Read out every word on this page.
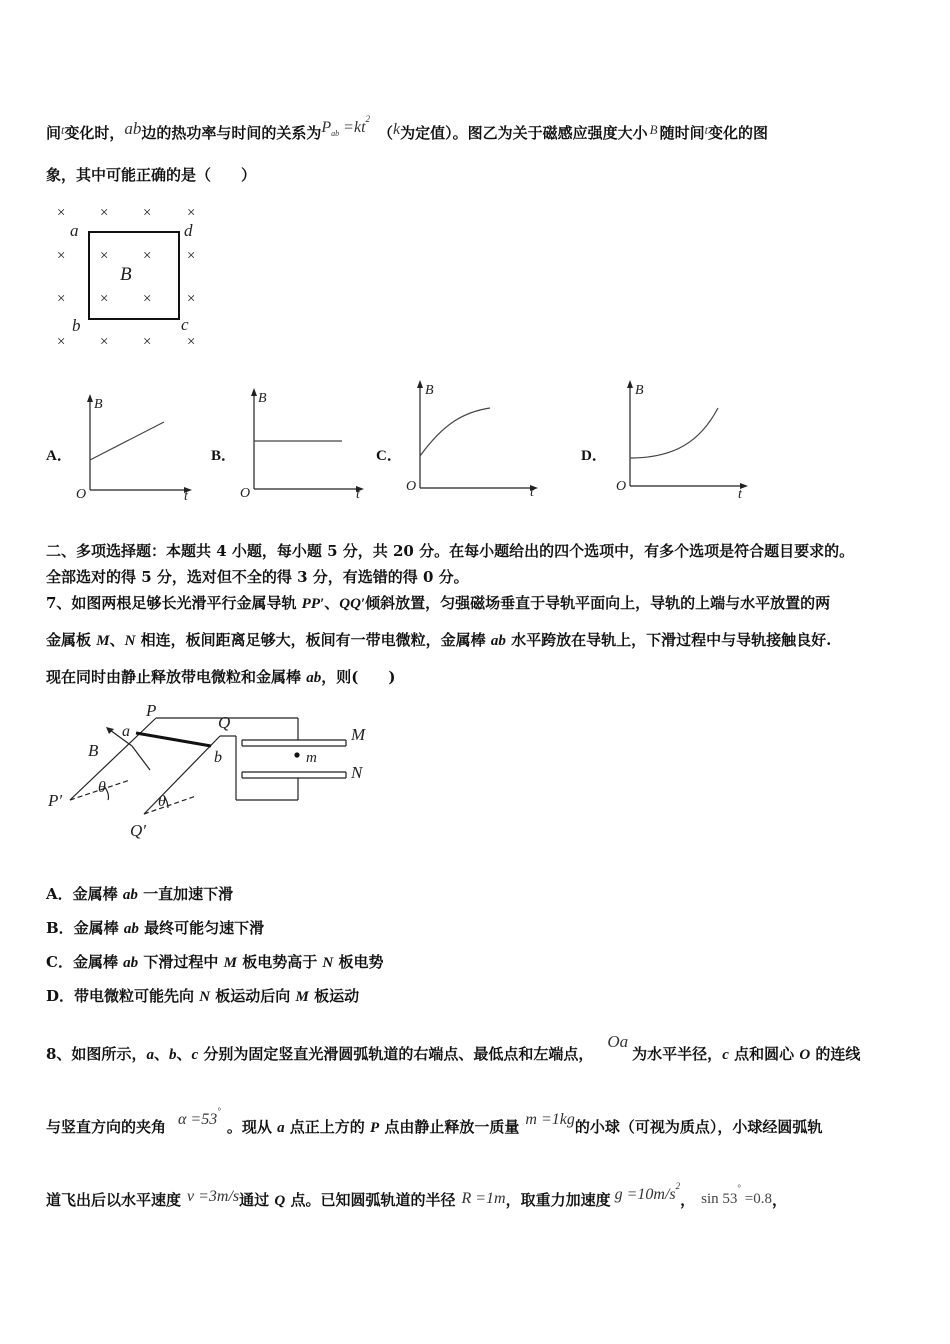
间$^t$变化时，ab边的热功率与时间的关系为$P^{ab} =kt^2(k$为定值）。图乙为关于磁感应强度大小 B 随时间$^t$变化的图
象，其中可能正确的是（　　）
× × × ×
× × × ×
× × × ×
× × × ×
a
b	c
d
B
A．
B
t
O
B．
B
t
O
C．
B
t
O
D．
B
t
O
二、多项选择题：本题共 4 小题，每小题 5 分，共 20 分。在每小题给出的四个选项中，有多个选项是符合题目要求的。
全部选对的得 5 分，选对但不全的得 3 分，有选错的得 0 分。
7、如图两根足够长光滑平行金属导轨 PP′、QQ′倾斜放置，匀强磁场垂直于导轨平面向上，导轨的上端与水平放置的两
金属板 M、N 相连，板间距离足够大，板间有一带电微粒，金属棒 ab 水平跨放在导轨上，下滑过程中与导轨接触良好.
现在同时由静止释放带电微粒和金属棒 ab，则(　　)
P
Q
a
b
B
M
N
m
θ
θ
P′
Q′
A．金属棒 ab 一直加速下滑
B．金属棒 ab 最终可能匀速下滑
C．金属棒 ab 下滑过程中 M 板电势高于 N 板电势
D．带电微粒可能先向 N 板运动后向 M 板运动
8、如图所示，a、b、c 分别为固定竖直光滑圆弧轨道的右端点、最低点和左端点，Oa为水平半径，c 点和圆心 O 的连线
与竖直方向的夹角 α =53°。现从 a 点正上方的 P 点由静止释放一质量 m =1kg的小球（可视为质点），小球经圆弧轨
道飞出后以水平速度 v =3m/s通过 Q 点。已知圆弧轨道的半径 R =1m，取重力加速度 $g =10m/s^2$， sin 53° =0.8，
